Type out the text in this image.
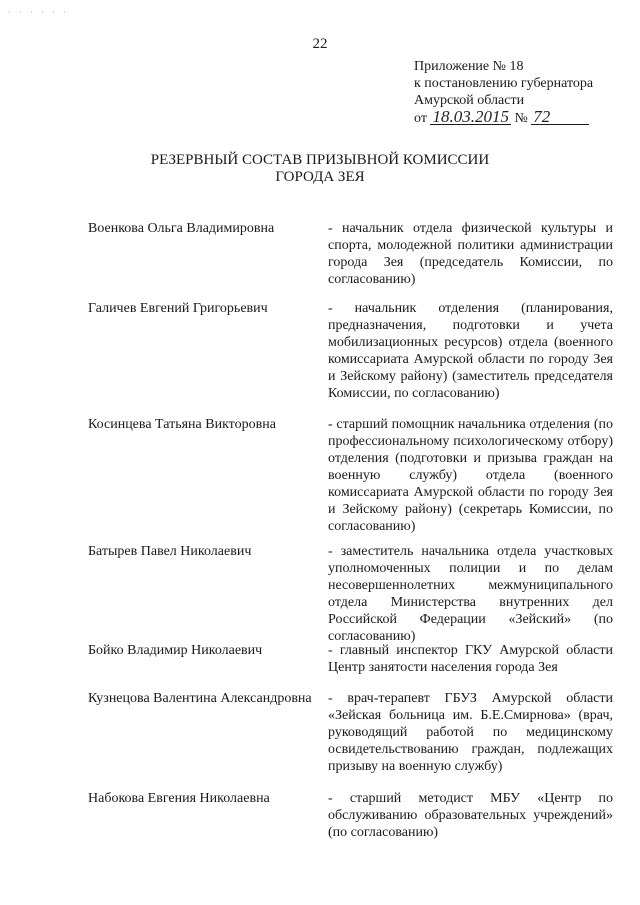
· · · · · ·
22
Приложение № 18
к постановлению губернатора
Амурской области
от 18.03.2015 № 72
РЕЗЕРВНЫЙ СОСТАВ ПРИЗЫВНОЙ КОМИССИИ
ГОРОДА ЗЕЯ
Военкова Ольга Владимировна	- начальник отдела физической культуры и спорта, молодежной политики администрации города Зея (председатель Комиссии, по согласованию)
Галичев Евгений Григорьевич	- начальник отделения (планирования, предназначения, подготовки и учета мобилизационных ресурсов) отдела (военного комиссариата Амурской области по городу Зея и Зейскому району) (заместитель председателя Комиссии, по согласованию)
Косинцева Татьяна Викторовна	- старший помощник начальника отделения (по профессиональному психологическому отбору) отделения (подготовки и призыва граждан на военную службу) отдела (военного комиссариата Амурской области по городу Зея и Зейскому району) (секретарь Комиссии, по согласованию)
Батырев Павел Николаевич	- заместитель начальника отдела участковых уполномоченных полиции и по делам несовершеннолетних межмуниципального отдела Министерства внутренних дел Российской Федерации «Зейский» (по согласованию)
Бойко Владимир Николаевич	- главный инспектор ГКУ Амурской области Центр занятости населения города Зея
Кузнецова Валентина Александровна	- врач-терапевт ГБУЗ Амурской области «Зейская больница им. Б.Е.Смирнова» (врач, руководящий работой по медицинскому освидетельствованию граждан, подлежащих призыву на военную службу)
Набокова Евгения Николаевна	- старший методист МБУ «Центр по обслуживанию образовательных учреждений» (по согласованию)
